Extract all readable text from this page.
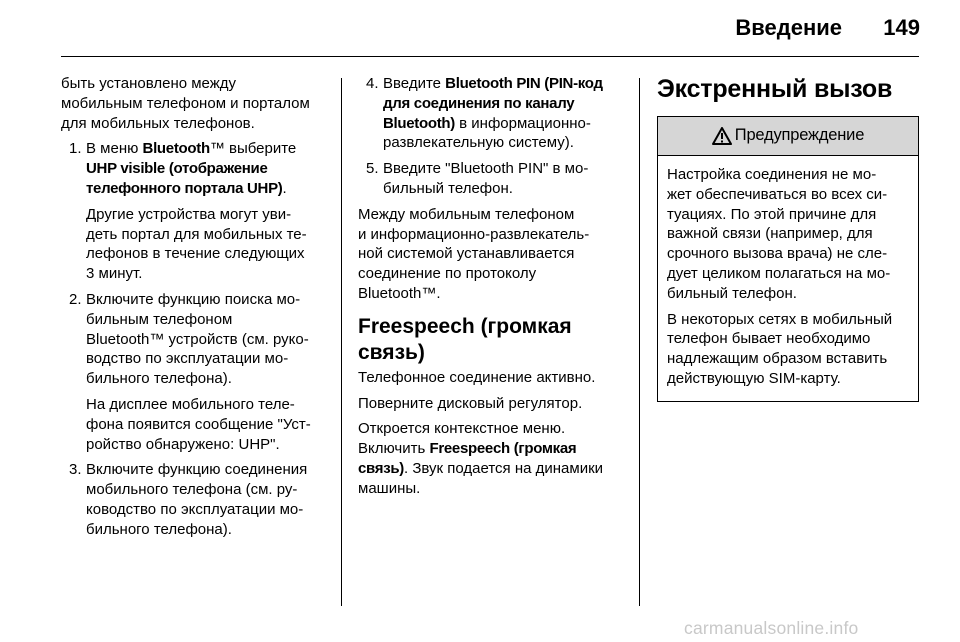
Введение 149

быть установлено между
мобильным телефоном и порталом
для мобильных телефонов.

1. В меню Bluetooth™ выберите
UHP visible (отображение
телефонного портала UHP).
Другие устройства могут уви-
деть портал для мобильных те-
лефонов в течение следующих
3 минут.
2. Включите функцию поиска мо-
бильным телефоном
Bluetooth™ устройств (см. руко-
водство по эксплуатации мо-
бильного телефона).
На дисплее мобильного теле-
фона появится сообщение "Уст-
ройство обнаружено: UHP".
3. Включите функцию соединения
мобильного телефона (см. ру-
ководство по эксплуатации мо-
бильного телефона).
4. Введите Bluetooth PIN (PIN-код
для соединения по каналу
Bluetooth) в информационно-
развлекательную систему).
5. Введите "Bluetooth PIN" в мо-
бильный телефон.

Между мобильным телефоном
и информационно-развлекатель-
ной системой устанавливается
соединение по протоколу
Bluetooth™.

Freespeech (громкая связь)

Телефонное соединение активно.

Поверните дисковый регулятор.

Откроется контекстное меню.
Включить Freespeech (громкая
связь). Звук подается на динамики
машины.

Экстренный вызов
Предупреждение

Настройка соединения не мо-
жет обеспечиваться во всех си-
туациях. По этой причине для
важной связи (например, для
срочного вызова врача) не сле-
дует целиком полагаться на мо-
бильный телефон.

В некоторых сетях в мобильный
телефон бывает необходимо
надлежащим образом вставить
действующую SIM-карту.

carmanualsonline.info
